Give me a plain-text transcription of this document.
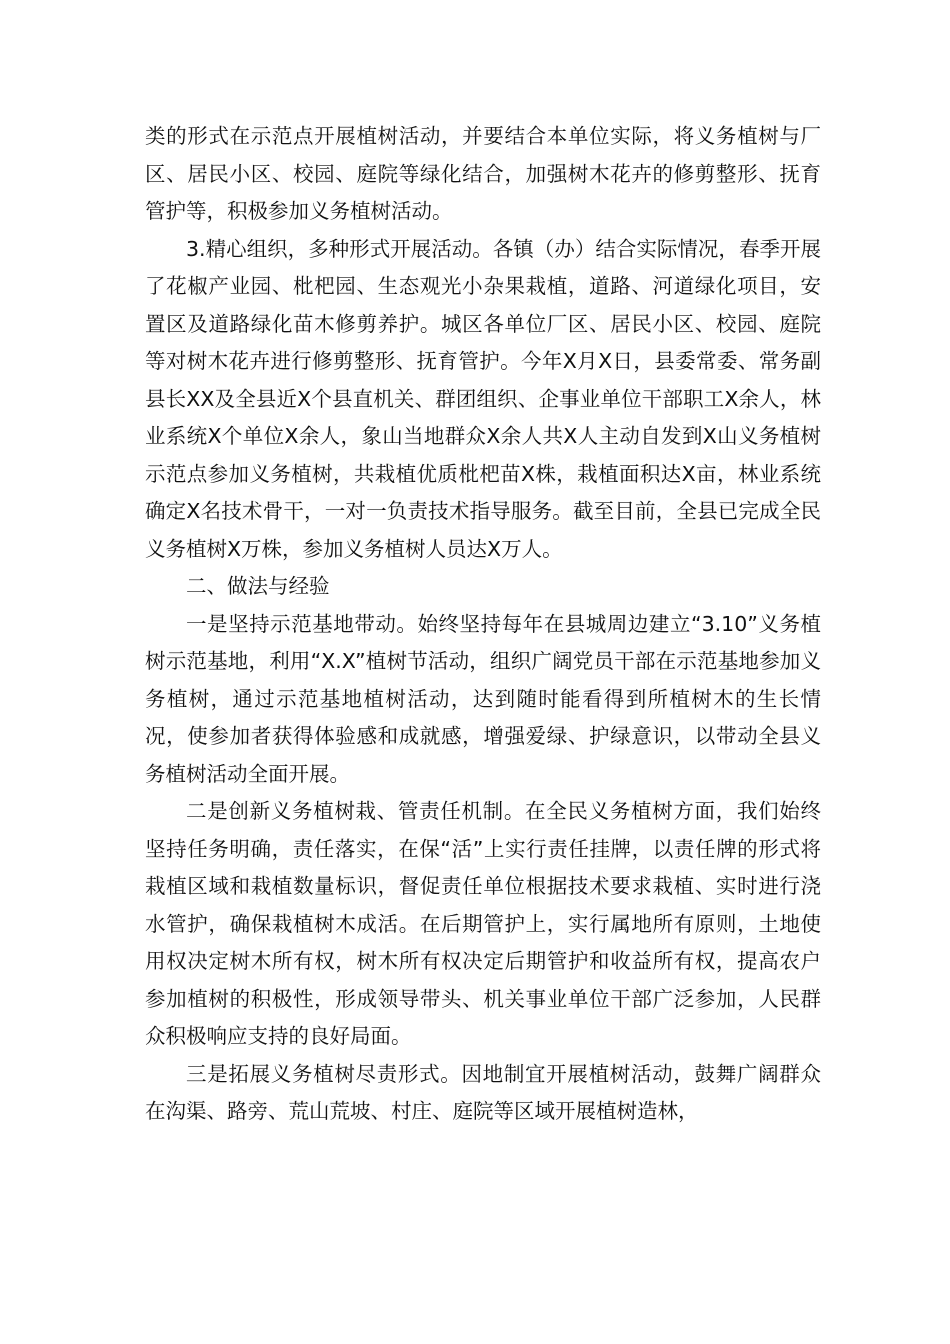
类的形式在示范点开展植树活动，并要结合本单位实际，将义务植树与厂区、居民小区、校园、庭院等绿化结合，加强树木花卉的修剪整形、抚育管护等，积极参加义务植树活动。

3.精心组织，多种形式开展活动。各镇（办）结合实际情况，春季开展了花椒产业园、枇杷园、生态观光小杂果栽植，道路、河道绿化项目，安置区及道路绿化苗木修剪养护。城区各单位厂区、居民小区、校园、庭院等对树木花卉进行修剪整形、抚育管护。今年X月X日，县委常委、常务副县长XX及全县近X个县直机关、群团组织、企事业单位干部职工X余人，林业系统X个单位X余人，象山当地群众X余人共X人主动自发到X山义务植树示范点参加义务植树，共栽植优质枇杷苗X株，栽植面积达X亩，林业系统确定X名技术骨干，一对一负责技术指导服务。截至目前，全县已完成全民义务植树X万株，参加义务植树人员达X万人。

二、做法与经验

一是坚持示范基地带动。始终坚持每年在县城周边建立“3.10”义务植树示范基地，利用“X.X”植树节活动，组织广阔党员干部在示范基地参加义务植树，通过示范基地植树活动，达到随时能看得到所植树木的生长情况，使参加者获得体验感和成就感，增强爱绿、护绿意识，以带动全县义务植树活动全面开展。

二是创新义务植树栽、管责任机制。在全民义务植树方面，我们始终坚持任务明确，责任落实，在保“活”上实行责任挂牌，以责任牌的形式将栽植区域和栽植数量标识，督促责任单位根据技术要求栽植、实时进行浇水管护，确保栽植树木成活。在后期管护上，实行属地所有原则，土地使用权决定树木所有权，树木所有权决定后期管护和收益所有权，提高农户参加植树的积极性，形成领导带头、机关事业单位干部广泛参加，人民群众积极响应支持的良好局面。

三是拓展义务植树尽责形式。因地制宜开展植树活动，鼓舞广阔群众在沟渠、路旁、荒山荒坡、村庄、庭院等区域开展植树造林，
